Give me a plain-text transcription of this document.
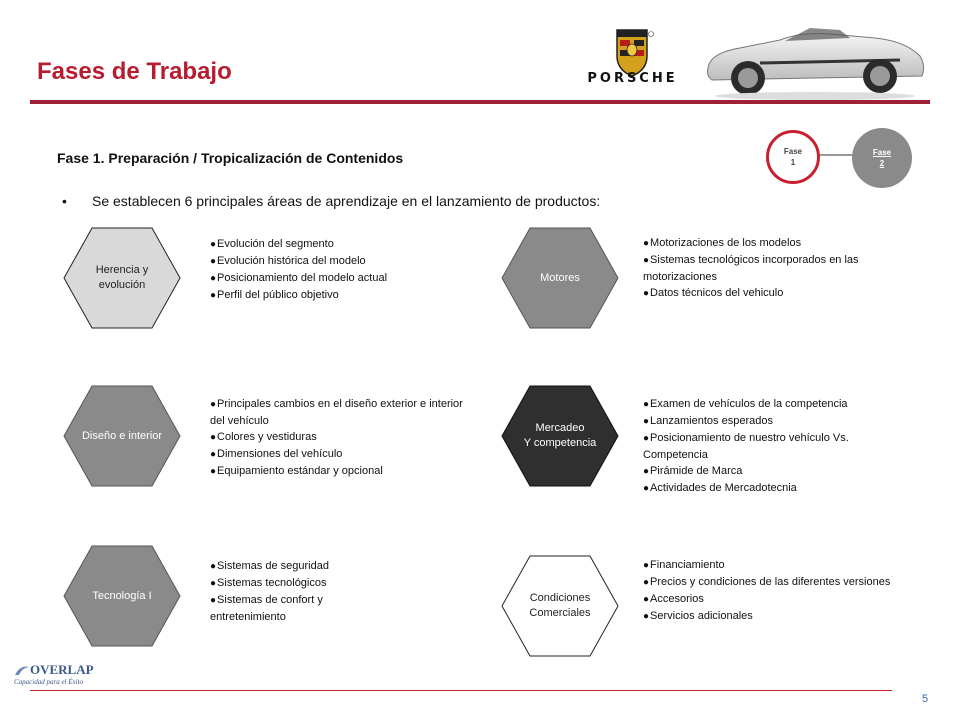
Fases de Trabajo	PORSCHE
Fase
1
Fase
2
Fase 1. Preparación / Tropicalización de Contenidos
• Se establecen 6 principales áreas de aprendizaje en el lanzamiento de productos:
Herencia y
evolución
●Evolución del segmento
●Evolución histórica del modelo
●Posicionamiento del modelo actual
●Perfil del público objetivo
Motores
●Motorizaciones de los modelos
●Sistemas tecnológicos incorporados en las motorizaciones
●Datos técnicos del vehiculo
Diseño e interior
●Principales cambios en el diseño exterior e interior del vehículo
●Colores y vestiduras
●Dimensiones del vehículo
●Equipamiento estándar y opcional
Mercadeo
Y competencia
●Examen de vehículos de la competencia
●Lanzamientos esperados
●Posicionamiento de nuestro vehículo Vs. Competencia
●Pirámide de Marca
●Actividades de Mercadotecnia
Tecnología I
●Sistemas de seguridad
●Sistemas tecnológicos
●Sistemas de confort y entretenimiento
Condiciones
Comerciales
●Financiamiento
●Precios y condiciones de las diferentes versiones
●Accesorios
●Servicios adicionales
OVERLAP
Capacidad para el Éxito
5
